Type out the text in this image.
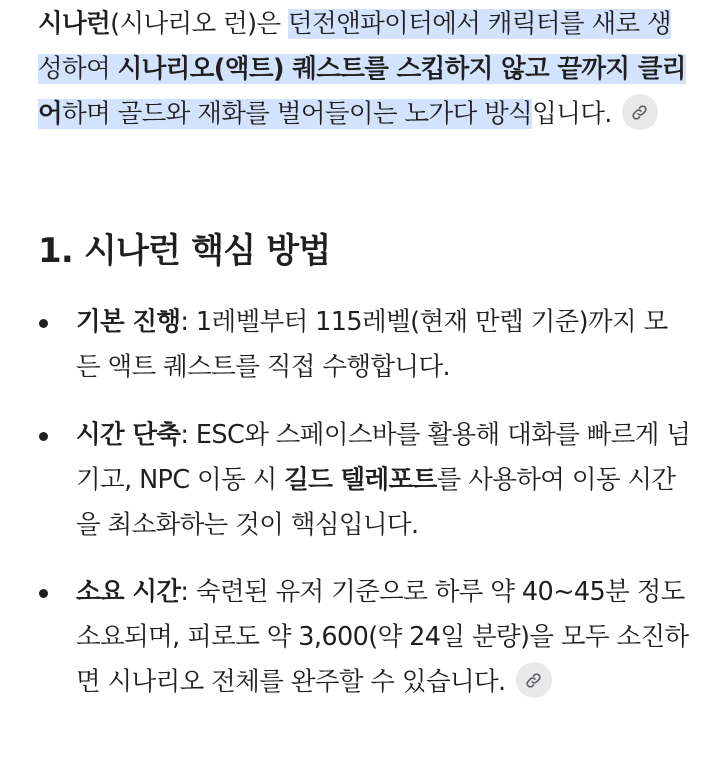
시나런(시나리오 런)은 던전앤파이터에서 캐릭터를 새로 생성하여 시나리오(액트) 퀘스트를 스킵하지 않고 끝까지 클리어하며 골드와 재화를 벌어들이는 노가다 방식입니다.

1. 시나런 핵심 방법
기본 진행: 1레벨부터 115레벨(현재 만렙 기준)까지 모든 액트 퀘스트를 직접 수행합니다.
시간 단축: ESC와 스페이스바를 활용해 대화를 빠르게 넘기고, NPC 이동 시 길드 텔레포트를 사용하여 이동 시간을 최소화하는 것이 핵심입니다.
소요 시간: 숙련된 유저 기준으로 하루 약 40~45분 정도 소요되며, 피로도 약 3,600(약 24일 분량)을 모두 소진하면 시나리오 전체를 완주할 수 있습니다.
